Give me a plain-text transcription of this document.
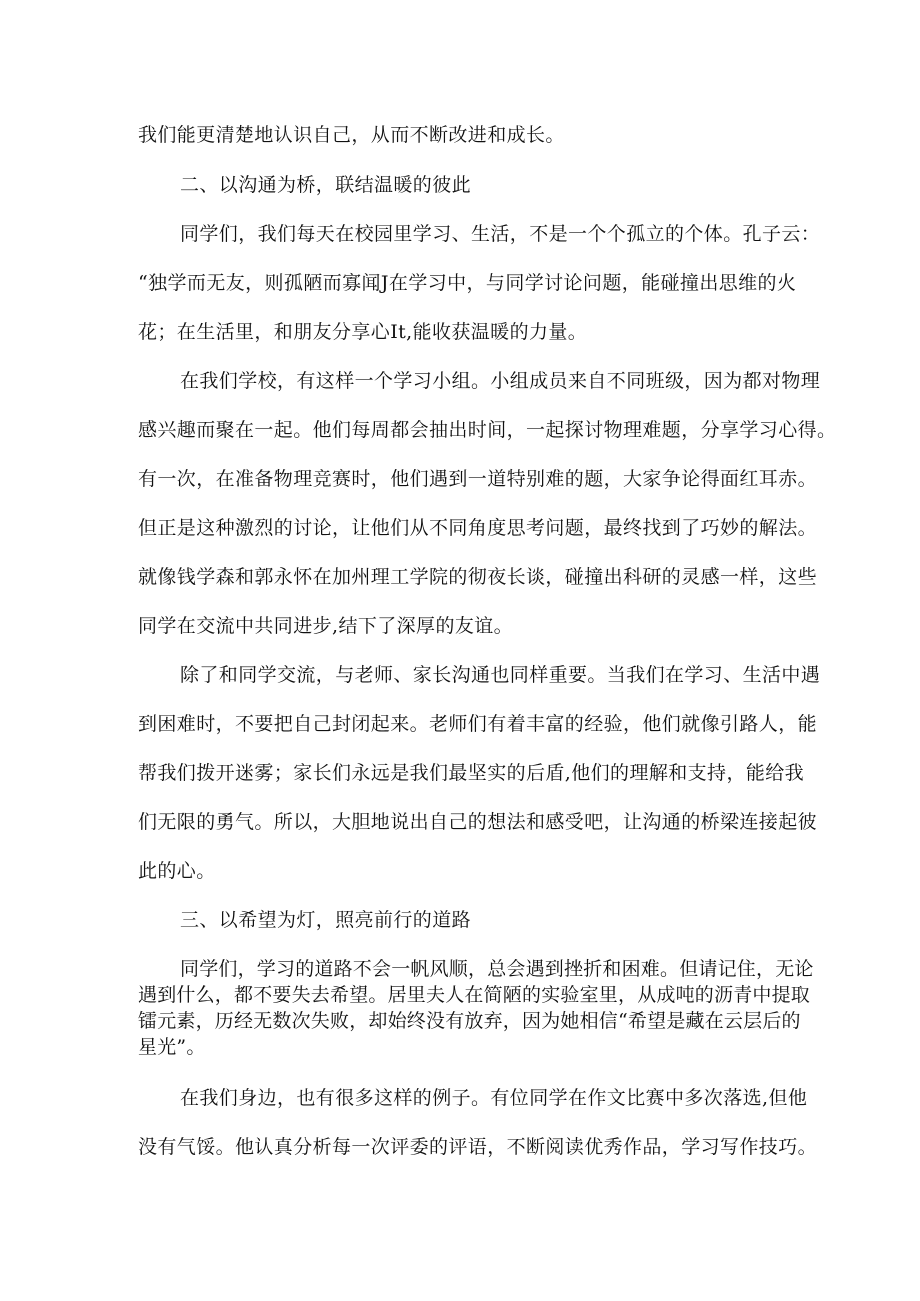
我们能更清楚地认识自己，从而不断改进和成长。
二、以沟通为桥，联结温暖的彼此
同学们，我们每天在校园里学习、生活，不是一个个孤立的个体。孔子云：
“独学而无友，则孤陋而寡闻J在学习中，与同学讨论问题，能碰撞出思维的火
花；在生活里，和朋友分享心It,能收获温暖的力量。
在我们学校，有这样一个学习小组。小组成员来自不同班级，因为都对物理
感兴趣而聚在一起。他们每周都会抽出时间，一起探讨物理难题，分享学习心得。
有一次，在准备物理竞赛时，他们遇到一道特别难的题，大家争论得面红耳赤。
但正是这种激烈的讨论，让他们从不同角度思考问题，最终找到了巧妙的解法。
就像钱学森和郭永怀在加州理工学院的彻夜长谈，碰撞出科研的灵感一样，这些
同学在交流中共同进步,结下了深厚的友谊。
除了和同学交流，与老师、家长沟通也同样重要。当我们在学习、生活中遇
到困难时，不要把自己封闭起来。老师们有着丰富的经验，他们就像引路人，能
帮我们拨开迷雾；家长们永远是我们最坚实的后盾,他们的理解和支持，能给我
们无限的勇气。所以，大胆地说出自己的想法和感受吧，让沟通的桥梁连接起彼
此的心。
三、以希望为灯，照亮前行的道路
同学们，学习的道路不会一帆风顺，总会遇到挫折和困难。但请记住，无论
遇到什么，都不要失去希望。居里夫人在简陋的实验室里，从成吨的沥青中提取
镭元素，历经无数次失败，却始终没有放弃，因为她相信“希望是藏在云层后的
星光”。
在我们身边，也有很多这样的例子。有位同学在作文比赛中多次落选,但他
没有气馁。他认真分析每一次评委的评语，不断阅读优秀作品，学习写作技巧。
